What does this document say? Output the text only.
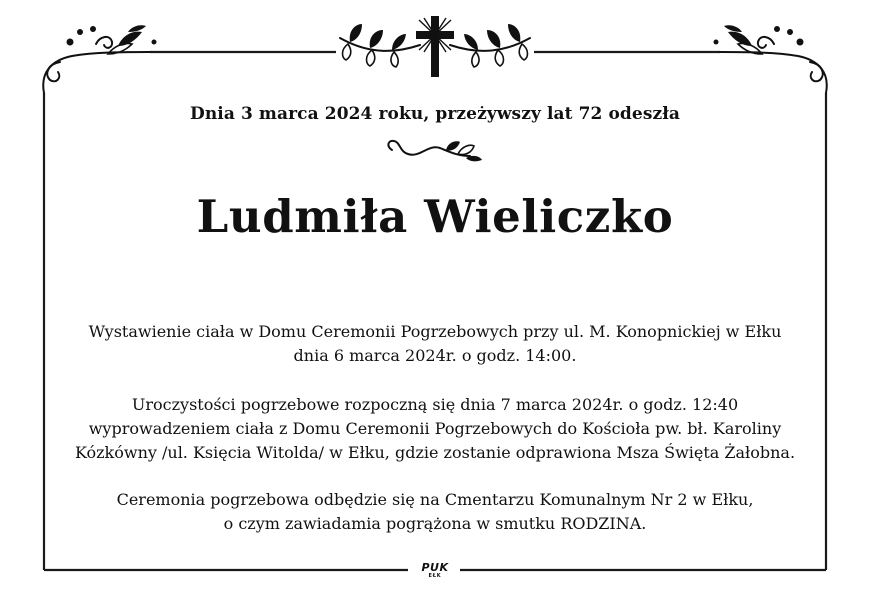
Dnia 3 marca 2024 roku, przeżywszy lat 72 odeszła
Ludmiła Wieliczko
Wystawienie ciała w Domu Ceremonii Pogrzebowych przy ul. M. Konopnickiej w Ełku
dnia 6 marca 2024r. o godz. 14:00.
Uroczystości pogrzebowe rozpoczną się dnia 7 marca 2024r. o godz. 12:40
wyprowadzeniem ciała z Domu Ceremonii Pogrzebowych do Kościoła pw. bł. Karoliny
Kózkówny /ul. Księcia Witolda/ w Ełku, gdzie zostanie odprawiona Msza Święta Żałobna.
Ceremonia pogrzebowa odbędzie się na Cmentarzu Komunalnym Nr 2 w Ełku,
o czym zawiadamia pogrążona w smutku RODZINA.
PUK
EŁK
